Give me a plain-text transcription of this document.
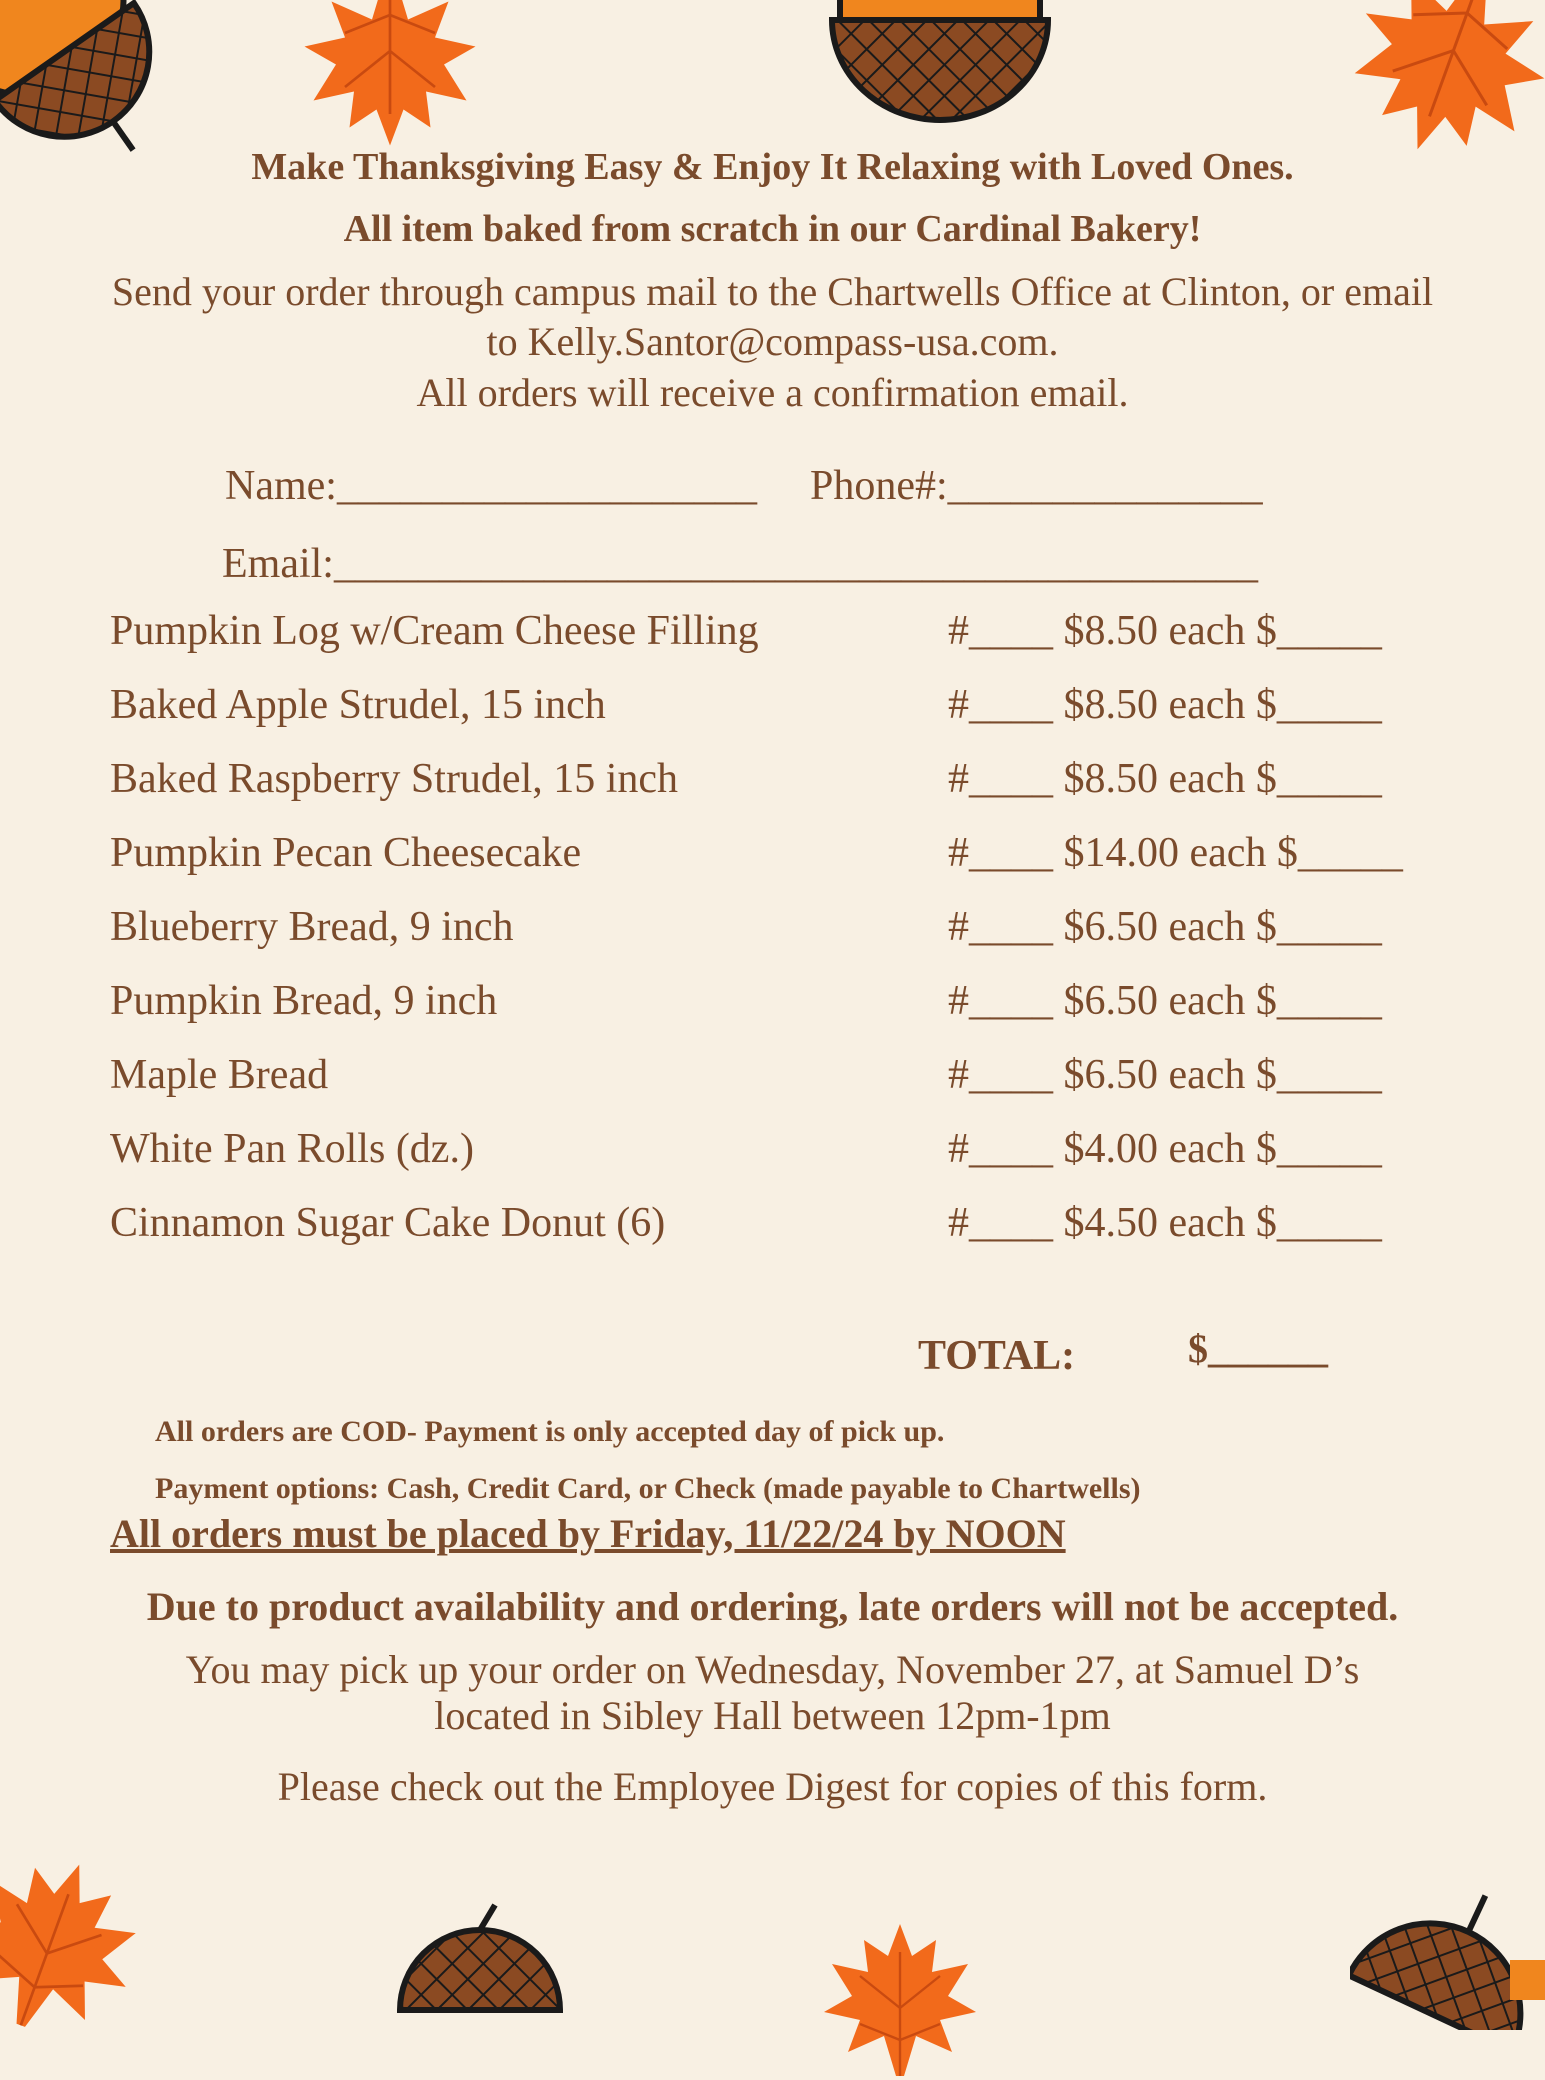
Make Thanksgiving Easy & Enjoy It Relaxing with Loved Ones.
All item baked from scratch in our Cardinal Bakery!
Send your order through campus mail to the Chartwells Office at Clinton, or email
to Kelly.Santor@compass-usa.com.
All orders will receive a confirmation email.
Name:____________________ Phone#:_______________
Email:____________________________________________
Pumpkin Log w/Cream Cheese Filling	#____ $8.50 each $_____
Baked Apple Strudel, 15 inch	#____ $8.50 each $_____
Baked Raspberry Strudel, 15 inch	#____ $8.50 each $_____
Pumpkin Pecan Cheesecake	#____ $14.00 each $_____
Blueberry Bread, 9 inch	#____ $6.50 each $_____
Pumpkin Bread, 9 inch	#____ $6.50 each $_____
Maple Bread	#____ $6.50 each $_____
White Pan Rolls (dz.)	#____ $4.00 each $_____
Cinnamon Sugar Cake Donut (6)	#____ $4.50 each $_____
TOTAL:	$______
All orders are COD- Payment is only accepted day of pick up.
Payment options: Cash, Credit Card, or Check (made payable to Chartwells)
All orders must be placed by Friday, 11/22/24 by NOON
Due to product availability and ordering, late orders will not be accepted.
You may pick up your order on Wednesday, November 27, at Samuel D’s
located in Sibley Hall between 12pm-1pm
Please check out the Employee Digest for copies of this form.
